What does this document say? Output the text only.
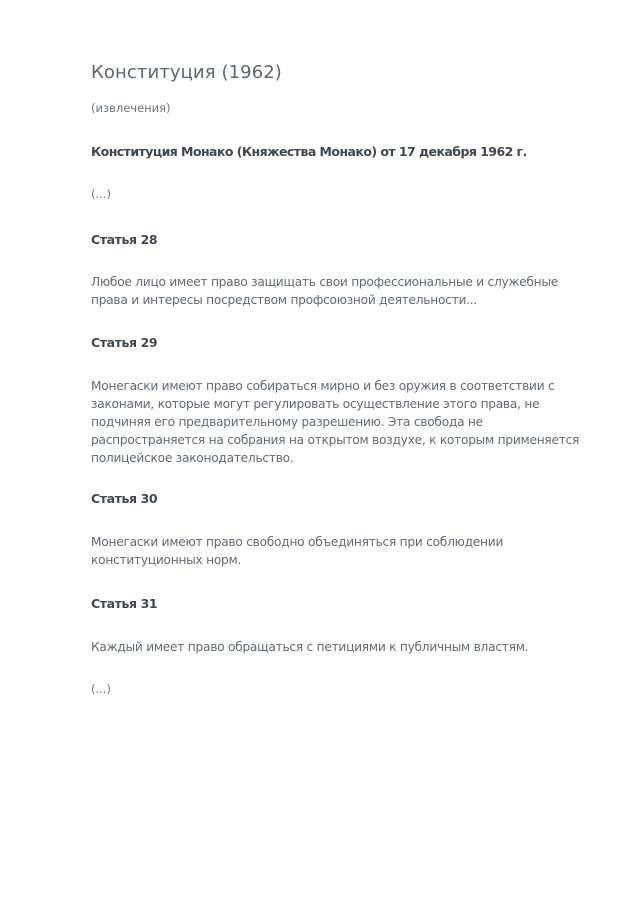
Конституция (1962)
(извлечения)
Конституция Монако (Княжества Монако) от 17 декабря 1962 г.
(...)
Статья 28
Любое лицо имеет право защищать свои профессиональные и служебные
права и интересы посредством профсоюзной деятельности...
Статья 29
Монегаски имеют право собираться мирно и без оружия в соответствии с
законами, которые могут регулировать осуществление этого права, не
подчиняя его предварительному разрешению. Эта свобода не
распространяется на собрания на открытом воздухе, к которым применяется
полицейское законодательство.
Статья 30
Монегаски имеют право свободно объединяться при соблюдении
конституционных норм.
Статья 31
Каждый имеет право обращаться с петициями к публичным властям.
(...)
